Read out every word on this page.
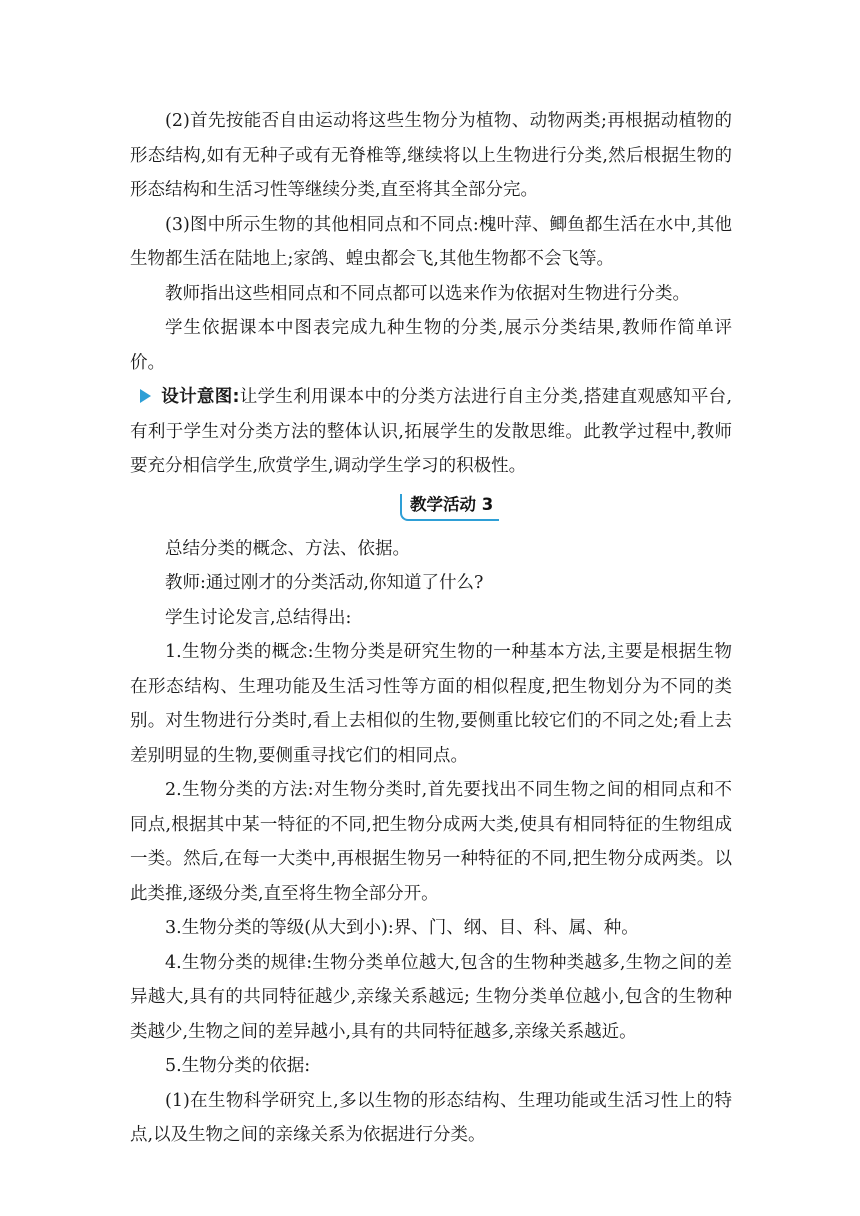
(2)首先按能否自由运动将这些生物分为植物、动物两类;再根据动植物的形态结构,如有无种子或有无脊椎等,继续将以上生物进行分类,然后根据生物的形态结构和生活习性等继续分类,直至将其全部分完。

(3)图中所示生物的其他相同点和不同点:槐叶萍、鲫鱼都生活在水中,其他生物都生活在陆地上;家鸽、蝗虫都会飞,其他生物都不会飞等。

教师指出这些相同点和不同点都可以选来作为依据对生物进行分类。

学生依据课本中图表完成九种生物的分类,展示分类结果,教师作简单评价。

设计意图:让学生利用课本中的分类方法进行自主分类,搭建直观感知平台,有利于学生对分类方法的整体认识,拓展学生的发散思维。此教学过程中,教师要充分相信学生,欣赏学生,调动学生学习的积极性。

教学活动 3

总结分类的概念、方法、依据。

教师:通过刚才的分类活动,你知道了什么?

学生讨论发言,总结得出:

1.生物分类的概念:生物分类是研究生物的一种基本方法,主要是根据生物在形态结构、生理功能及生活习性等方面的相似程度,把生物划分为不同的类别。对生物进行分类时,看上去相似的生物,要侧重比较它们的不同之处;看上去差别明显的生物,要侧重寻找它们的相同点。

2.生物分类的方法:对生物分类时,首先要找出不同生物之间的相同点和不同点,根据其中某一特征的不同,把生物分成两大类,使具有相同特征的生物组成一类。然后,在每一大类中,再根据生物另一种特征的不同,把生物分成两类。以此类推,逐级分类,直至将生物全部分开。

3.生物分类的等级(从大到小):界、门、纲、目、科、属、种。

4.生物分类的规律:生物分类单位越大,包含的生物种类越多,生物之间的差异越大,具有的共同特征越少,亲缘关系越远; 生物分类单位越小,包含的生物种类越少,生物之间的差异越小,具有的共同特征越多,亲缘关系越近。

5.生物分类的依据:

(1)在生物科学研究上,多以生物的形态结构、生理功能或生活习性上的特点,以及生物之间的亲缘关系为依据进行分类。
